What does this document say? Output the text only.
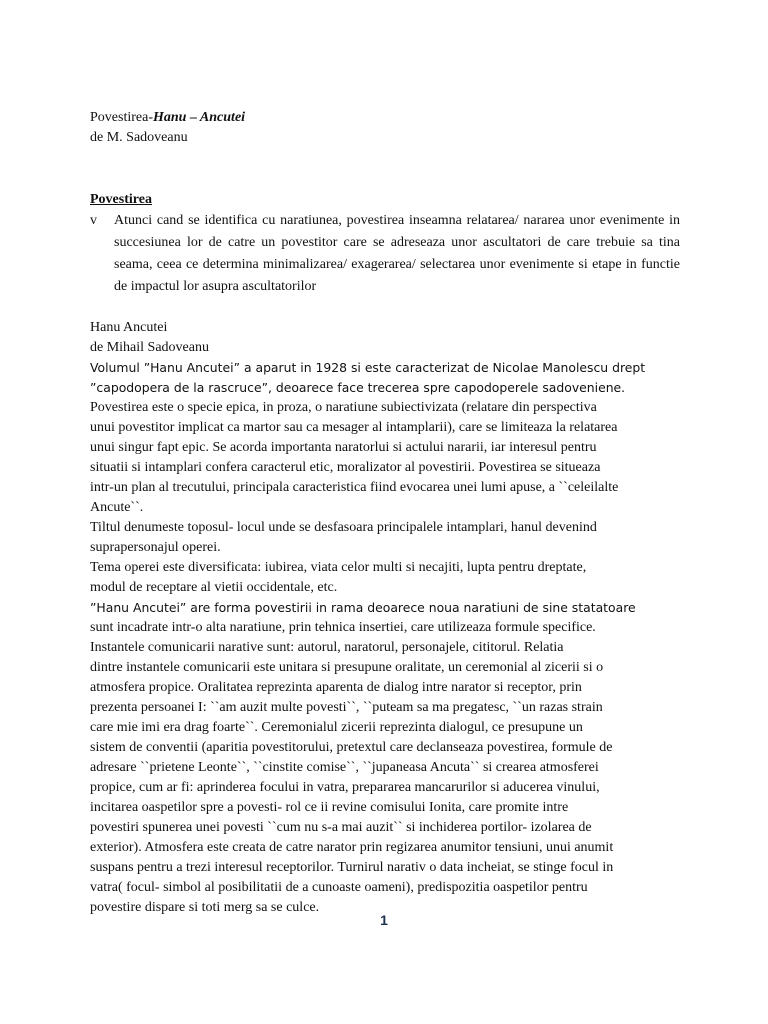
Povestirea-Hanu – Ancutei
de M. Sadoveanu
Povestirea
v	Atunci cand se identifica cu naratiunea, povestirea inseamna relatarea/ nararea unor evenimente in succesiunea lor de catre un povestitor care se adreseaza unor ascultatori de care trebuie sa tina seama, ceea ce determina minimalizarea/ exagerarea/ selectarea unor evenimente si etape in functie de impactul lor asupra ascultatorilor
Hanu Ancutei
de Mihail Sadoveanu
Volumul ”Hanu Ancutei” a aparut in 1928 si este caracterizat de Nicolae Manolescu drept
”capodopera de la rascruce”, deoarece face trecerea spre capodoperele sadoveniene.
Povestirea este o specie epica, in proza, o naratiune subiectivizata (relatare din perspectiva
unui povestitor implicat ca martor sau ca mesager al intamplarii), care se limiteaza la relatarea
unui singur fapt epic. Se acorda importanta naratorlui si actului nararii, iar interesul pentru
situatii si intamplari confera caracterul etic, moralizator al povestirii. Povestirea se situeaza
intr-un plan al trecutului, principala caracteristica fiind evocarea unei lumi apuse, a ``celeilalte
Ancute``.
Tiltul denumeste toposul- locul unde se desfasoara principalele intamplari, hanul devenind
suprapersonajul operei.
Tema operei este diversificata: iubirea, viata celor multi si necajiti, lupta pentru dreptate,
modul de receptare al vietii occidentale, etc.
”Hanu Ancutei” are forma povestirii in rama deoarece noua naratiuni de sine statatoare
sunt incadrate intr-o alta naratiune, prin tehnica insertiei, care utilizeaza formule specifice.
Instantele comunicarii narative sunt: autorul, naratorul, personajele, cititorul. Relatia
dintre instantele comunicarii este unitara si presupune oralitate, un ceremonial al zicerii si o
atmosfera propice. Oralitatea reprezinta aparenta de dialog intre narator si receptor, prin
prezenta persoanei I: ``am auzit multe povesti``, ``puteam sa ma pregatesc, ``un razas strain
care mie imi era drag foarte``. Ceremonialul zicerii reprezinta dialogul, ce presupune un
sistem de conventii (aparitia povestitorului, pretextul care declanseaza povestirea, formule de
adresare ``prietene Leonte``, ``cinstite comise``, ``jupaneasa Ancuta`` si crearea atmosferei
propice, cum ar fi: aprinderea focului in vatra, prepararea mancarurilor si aducerea vinului,
incitarea oaspetilor spre a povesti- rol ce ii revine comisului Ionita, care promite intre
povestiri spunerea unei povesti ``cum nu s-a mai auzit`` si inchiderea portilor- izolarea de
exterior). Atmosfera este creata de catre narator prin regizarea anumitor tensiuni, unui anumit
suspans pentru a trezi interesul receptorilor. Turnirul narativ o data incheiat, se stinge focul in
vatra( focul- simbol al posibilitatii de a cunoaste oameni), predispozitia oaspetilor pentru
povestire dispare si toti merg sa se culce.
1
